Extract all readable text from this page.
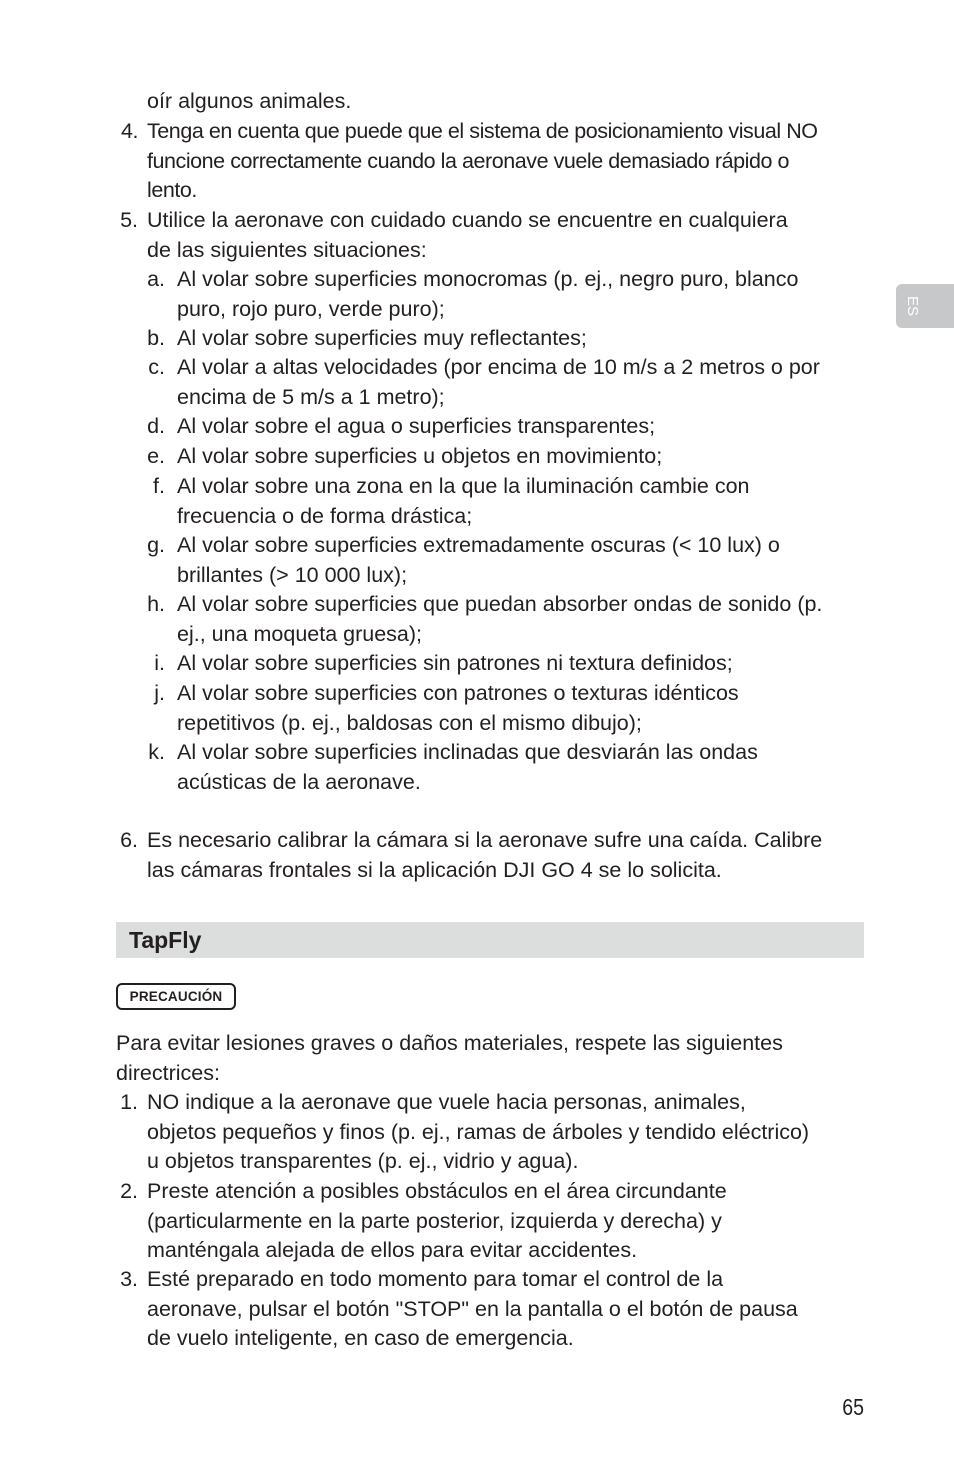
oír algunos animales.
4. Tenga en cuenta que puede que el sistema de posicionamiento visual NO
funcione correctamente cuando la aeronave vuele demasiado rápido o
lento.
5. Utilice la aeronave con cuidado cuando se encuentre en cualquiera
de las siguientes situaciones:
a. Al volar sobre superficies monocromas (p. ej., negro puro, blanco
puro, rojo puro, verde puro);
b. Al volar sobre superficies muy reflectantes;
c. Al volar a altas velocidades (por encima de 10 m/s a 2 metros o por
encima de 5 m/s a 1 metro);
d. Al volar sobre el agua o superficies transparentes;
e. Al volar sobre superficies u objetos en movimiento;
f. Al volar sobre una zona en la que la iluminación cambie con
frecuencia o de forma drástica;
g. Al volar sobre superficies extremadamente oscuras (< 10 lux) o
brillantes (> 10 000 lux);
h. Al volar sobre superficies que puedan absorber ondas de sonido (p.
ej., una moqueta gruesa);
i. Al volar sobre superficies sin patrones ni textura definidos;
j. Al volar sobre superficies con patrones o texturas idénticos
repetitivos (p. ej., baldosas con el mismo dibujo);
k. Al volar sobre superficies inclinadas que desviarán las ondas
acústicas de la aeronave.
6. Es necesario calibrar la cámara si la aeronave sufre una caída. Calibre
las cámaras frontales si la aplicación DJI GO 4 se lo solicita.
TapFly
PRECAUCIÓN
Para evitar lesiones graves o daños materiales, respete las siguientes
directrices:
1. NO indique a la aeronave que vuele hacia personas, animales,
objetos pequeños y finos (p. ej., ramas de árboles y tendido eléctrico)
u objetos transparentes (p. ej., vidrio y agua).
2. Preste atención a posibles obstáculos en el área circundante
(particularmente en la parte posterior, izquierda y derecha) y
manténgala alejada de ellos para evitar accidentes.
3. Esté preparado en todo momento para tomar el control de la
aeronave, pulsar el botón "STOP" en la pantalla o el botón de pausa
de vuelo inteligente, en caso de emergencia.
ES
65
